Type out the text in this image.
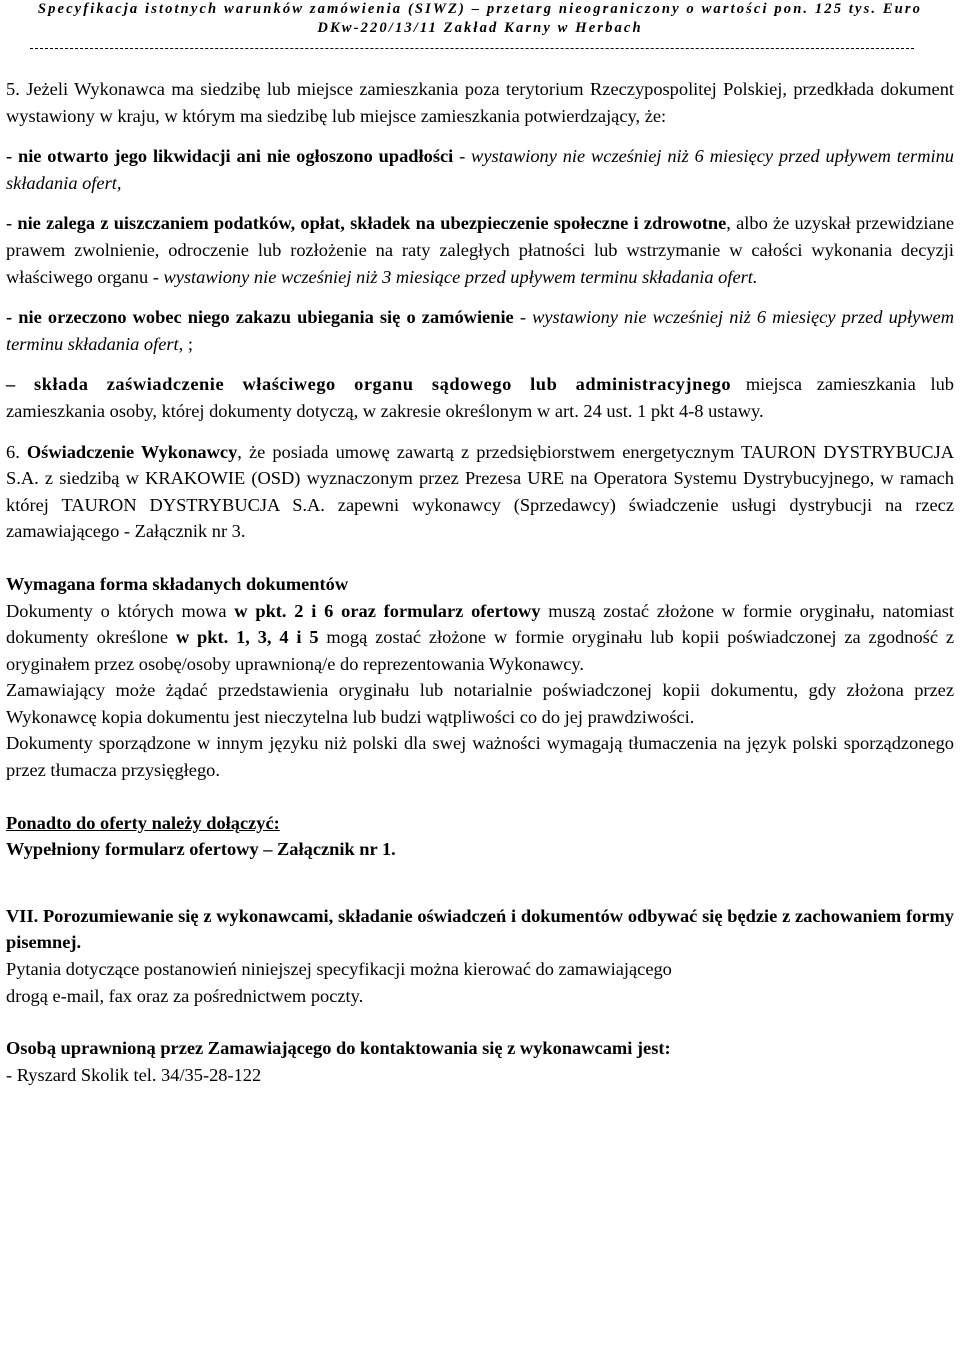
Specyfikacja istotnych warunków zamówienia (SIWZ) – przetarg nieograniczony o wartości pon. 125 tys. Euro
DKw-220/13/11 Zakład Karny w Herbach

5. Jeżeli Wykonawca ma siedzibę lub miejsce zamieszkania poza terytorium Rzeczypospolitej Polskiej, przedkłada dokument wystawiony w kraju, w którym ma siedzibę lub miejsce zamieszkania potwierdzający, że:

- nie otwarto jego likwidacji ani nie ogłoszono upadłości - wystawiony nie wcześniej niż 6 miesięcy przed upływem terminu składania ofert,

- nie zalega z uiszczaniem podatków, opłat, składek na ubezpieczenie społeczne i zdrowotne, albo że uzyskał przewidziane prawem zwolnienie, odroczenie lub rozłożenie na raty zaległych płatności lub wstrzymanie w całości wykonania decyzji właściwego organu - wystawiony nie wcześniej niż 3 miesiące przed upływem terminu składania ofert.

- nie orzeczono wobec niego zakazu ubiegania się o zamówienie - wystawiony nie wcześniej niż 6 miesięcy przed upływem terminu składania ofert, ;

– składa zaświadczenie właściwego organu sądowego lub administracyjnego miejsca zamieszkania lub zamieszkania osoby, której dokumenty dotyczą, w zakresie określonym w art. 24 ust. 1 pkt 4-8 ustawy.

6. Oświadczenie Wykonawcy, że posiada umowę zawartą z przedsiębiorstwem energetycznym TAURON DYSTRYBUCJA S.A. z siedzibą w KRAKOWIE (OSD) wyznaczonym przez Prezesa URE na Operatora Systemu Dystrybucyjnego, w ramach której TAURON DYSTRYBUCJA S.A. zapewni wykonawcy (Sprzedawcy) świadczenie usługi dystrybucji na rzecz zamawiającego - Załącznik nr 3.

Wymagana forma składanych dokumentów

Dokumenty o których mowa w pkt. 2 i 6 oraz formularz ofertowy muszą zostać złożone w formie oryginału, natomiast dokumenty określone w pkt. 1, 3, 4 i 5 mogą zostać złożone w formie oryginału lub kopii poświadczonej za zgodność z oryginałem przez osobę/osoby uprawnioną/e do reprezentowania Wykonawcy.

Zamawiający może żądać przedstawienia oryginału lub notarialnie poświadczonej kopii dokumentu, gdy złożona przez Wykonawcę kopia dokumentu jest nieczytelna lub budzi wątpliwości co do jej prawdziwości.

Dokumenty sporządzone w innym języku niż polski dla swej ważności wymagają tłumaczenia na język polski sporządzonego przez tłumacza przysięgłego.

Ponadto do oferty należy dołączyć:

Wypełniony formularz ofertowy – Załącznik nr 1.

VII. Porozumiewanie się z wykonawcami, składanie oświadczeń i dokumentów odbywać się będzie z zachowaniem formy pisemnej.

Pytania dotyczące postanowień niniejszej specyfikacji można kierować do zamawiającego

drogą e-mail, fax oraz za pośrednictwem poczty.

Osobą uprawnioną przez Zamawiającego do kontaktowania się z wykonawcami jest:

- Ryszard Skolik tel. 34/35-28-122
